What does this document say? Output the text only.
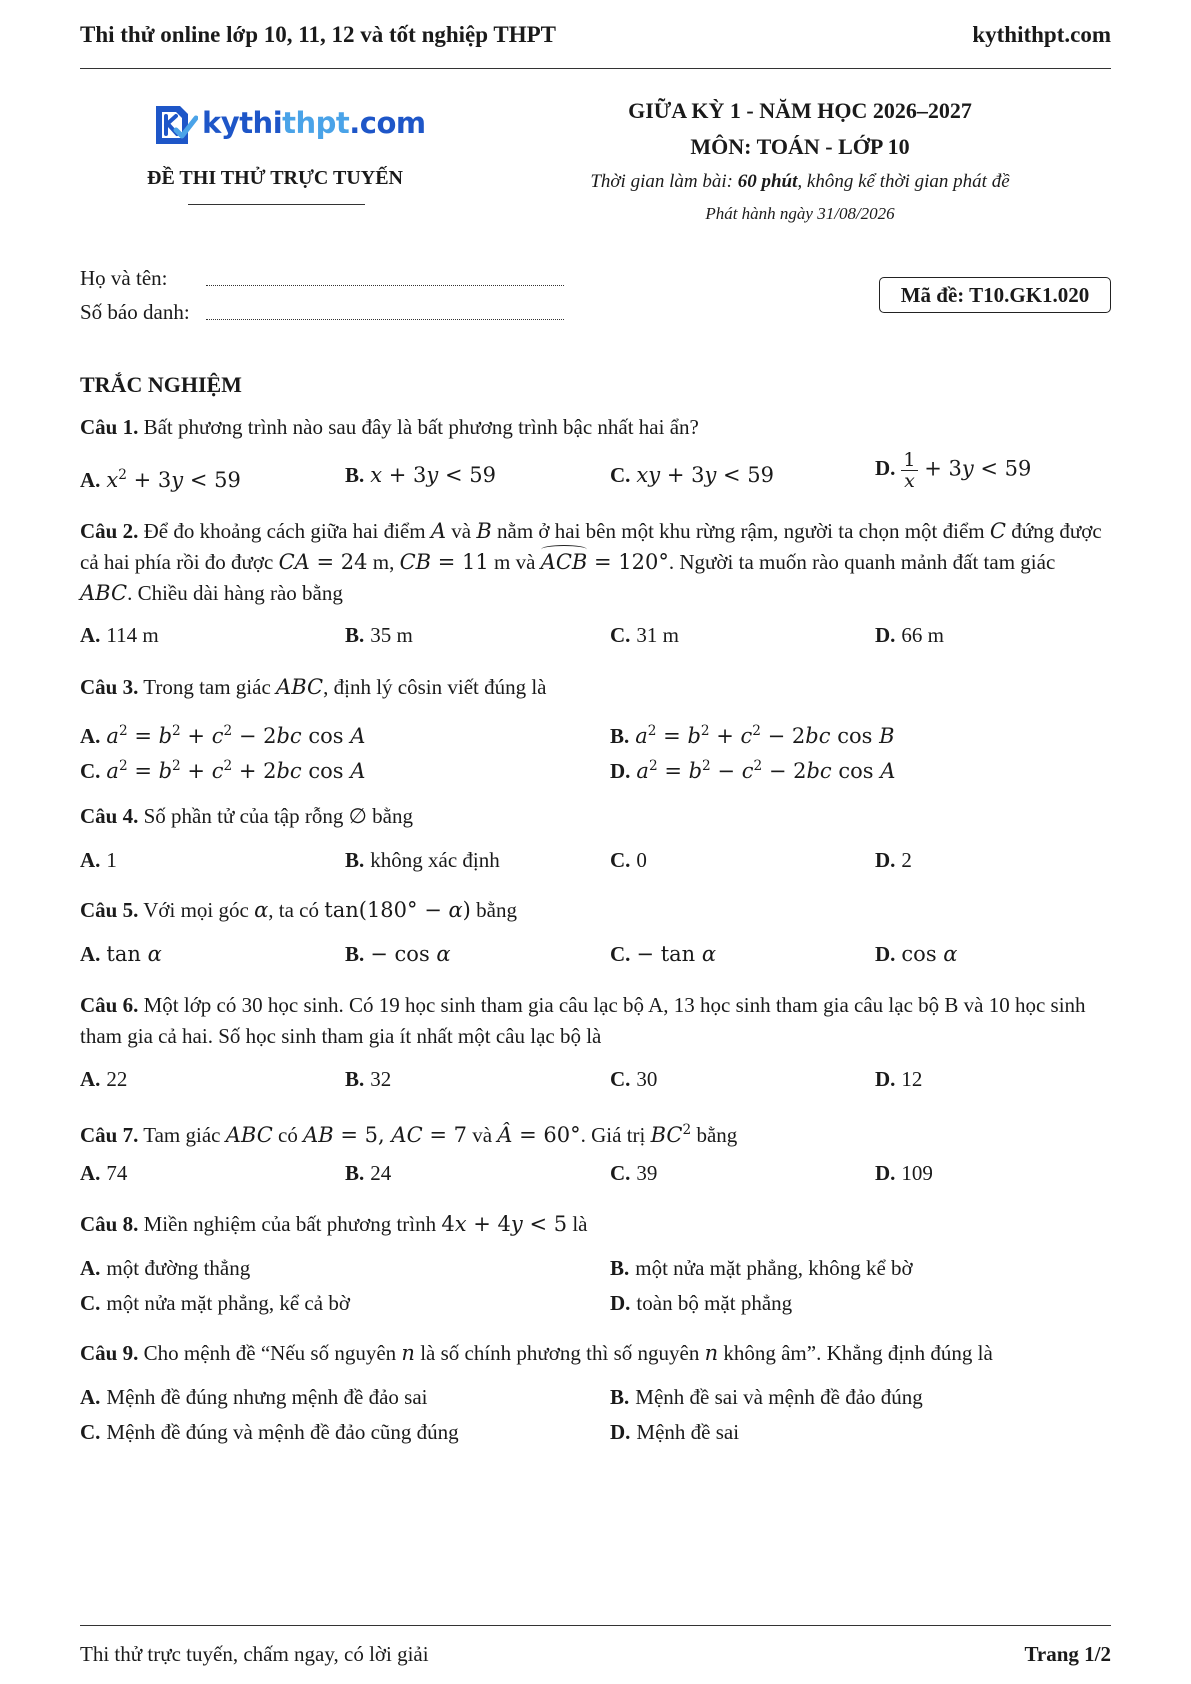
Thi thử online lớp 10, 11, 12 và tốt nghiệp THPT	kythithpt.com
kythithpt.com
ĐỀ THI THỬ TRỰC TUYẾN
GIỮA KỲ 1 - NĂM HỌC 2026–2027
MÔN: TOÁN - LỚP 10
Thời gian làm bài: 60 phút, không kể thời gian phát đề
Phát hành ngày 31/08/2026
Họ và tên:
Số báo danh:
Mã đề: T10.GK1.020
TRẮC NGHIỆM
Câu 1. Bất phương trình nào sau đây là bất phương trình bậc nhất hai ẩn?
A. $x^2 + 3y < 59$	B. x + 3y < 59	C. xy + 3y < 59	D. $\frac{1}{x} + 3y < 59$
Câu 2. Để đo khoảng cách giữa hai điểm A và B nằm ở hai bên một khu rừng rậm, người ta chọn một điểm C đứng được cả hai phía rồi đo được CA = 24 m, CB = 11 m và ACB = 120°. Người ta muốn rào quanh mảnh đất tam giác ABC. Chiều dài hàng rào bằng
A. 114 m	B. 35 m	C. 31 m	D. 66 m
Câu 3. Trong tam giác ABC, định lý côsin viết đúng là
A. $a^2 = b^2 + c^2 - 2bc$ cos A	B. $a^2 = b^2 + c^2 - 2bc$ cos B
C. $a^2 = b^2 + c^2 + 2bc$ cos A	D. $a^2 = b^2 - c^2 - 2bc$ cos A
Câu 4. Số phần tử của tập rỗng ∅ bằng
A. 1	B. không xác định	C. 0	D. 2
Câu 5. Với mọi góc α, ta có tan(180° − α) bằng
A. tan α	B. − cos α	C. − tan α	D. cos α
Câu 6. Một lớp có 30 học sinh. Có 19 học sinh tham gia câu lạc bộ A, 13 học sinh tham gia câu lạc bộ B và 10 học sinh tham gia cả hai. Số học sinh tham gia ít nhất một câu lạc bộ là
A. 22	B. 32	C. 30	D. 12
Câu 7. Tam giác ABC có AB = 5, AC = 7 và Â = 60°. Giá trị $BC^2$ bằng
A. 74	B. 24	C. 39	D. 109
Câu 8. Miền nghiệm của bất phương trình 4x + 4y < 5 là
A. một đường thẳng	B. một nửa mặt phẳng, không kể bờ
C. một nửa mặt phẳng, kể cả bờ	D. toàn bộ mặt phẳng
Câu 9. Cho mệnh đề “Nếu số nguyên n là số chính phương thì số nguyên n không âm”. Khẳng định đúng là
A. Mệnh đề đúng nhưng mệnh đề đảo sai	B. Mệnh đề sai và mệnh đề đảo đúng
C. Mệnh đề đúng và mệnh đề đảo cũng đúng	D. Mệnh đề sai
Thi thử trực tuyến, chấm ngay, có lời giải	Trang 1/2
